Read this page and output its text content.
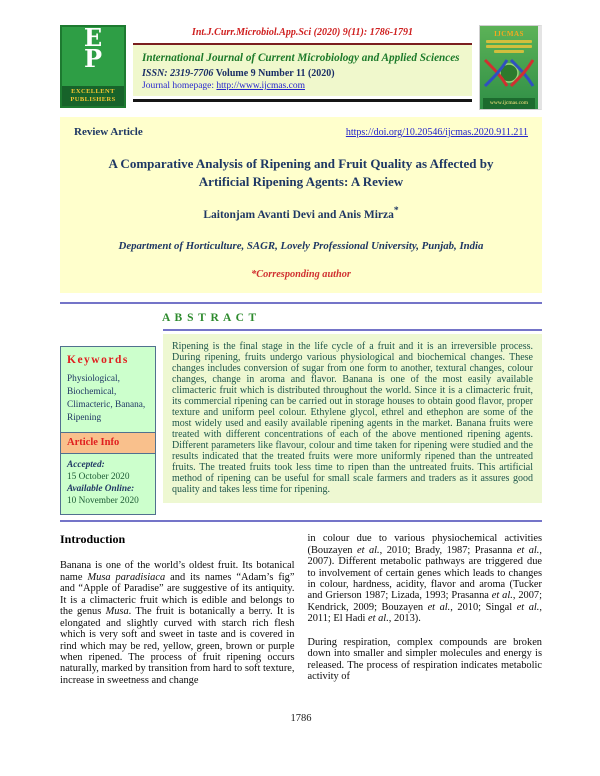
E
P
EXCELLENT PUBLISHERS
Int.J.Curr.Microbiol.App.Sci (2020) 9(11): 1786-1791
International Journal of Current Microbiology and Applied Sciences
ISSN: 2319-7706 Volume 9 Number 11 (2020)
Journal homepage: http://www.ijcmas.com
IJCMAS
www.ijcmas.com
Review Article	https://doi.org/10.20546/ijcmas.2020.911.211
A Comparative Analysis of Ripening and Fruit Quality as Affected by Artificial Ripening Agents: A Review
Laitonjam Avanti Devi and Anis Mirza*
Department of Horticulture, SAGR, Lovely Professional University, Punjab, India
*Corresponding author
A B S T R A C T
Keywords
Physiological, Biochemical, Climacteric, Banana, Ripening
Article Info
Accepted:
15 October 2020
Available Online:
10 November 2020
Ripening is the final stage in the life cycle of a fruit and it is an irreversible process. During ripening, fruits undergo various physiological and biochemical changes. These changes includes conversion of sugar from one form to another, textural changes, colour changes, change in aroma and flavor. Banana is one of the most easily available climacteric fruit which is distributed throughout the world. Since it is a climacteric fruit, its commercial ripening can be carried out in storage houses to obtain good flavor, proper texture and uniform peel colour. Ethylene glycol, ethrel and ethephon are some of the most widely used and easily available ripening agents in the market. Banana fruits were treated with different concentrations of each of the above mentioned ripening agents. Different parameters like flavour, colour and time taken for ripening were studied and the results indicated that the treated fruits were more uniformly ripened than the untreated fruits. The treated fruits took less time to ripen than the untreated fruits. This artificial method of ripening can be useful for small scale farmers and traders as it assures good quality and takes less time for ripening.
Introduction

Banana is one of the world’s oldest fruit. Its botanical name Musa paradisiaca and its names “Adam’s fig” and “Apple of Paradise” are suggestive of its antiquity. It is a climacteric fruit which is edible and belongs to the genus Musa. The fruit is botanically a berry. It is elongated and slightly curved with starch rich flesh which is very soft and sweet in taste and is covered in rind which may be red, yellow, green, brown or purple when ripened. The process of fruit ripening occurs naturally, marked by transition from hard to soft texture, increase in sweetness and change

in colour due to various physiochemical activities (Bouzayen et al., 2010; Brady, 1987; Prasanna et al., 2007). Different metabolic pathways are triggered due to involvement of certain genes which leads to changes in colour, hardness, acidity, flavor and aroma (Tucker and Grierson 1987; Lizada, 1993; Prasanna et al., 2007; Kendrick, 2009; Bouzayen et al., 2010; Singal et al., 2011; El Hadi et al., 2013).

During respiration, complex compounds are broken down into smaller and simpler molecules and energy is released. The process of respiration indicates metabolic activity of

1786
